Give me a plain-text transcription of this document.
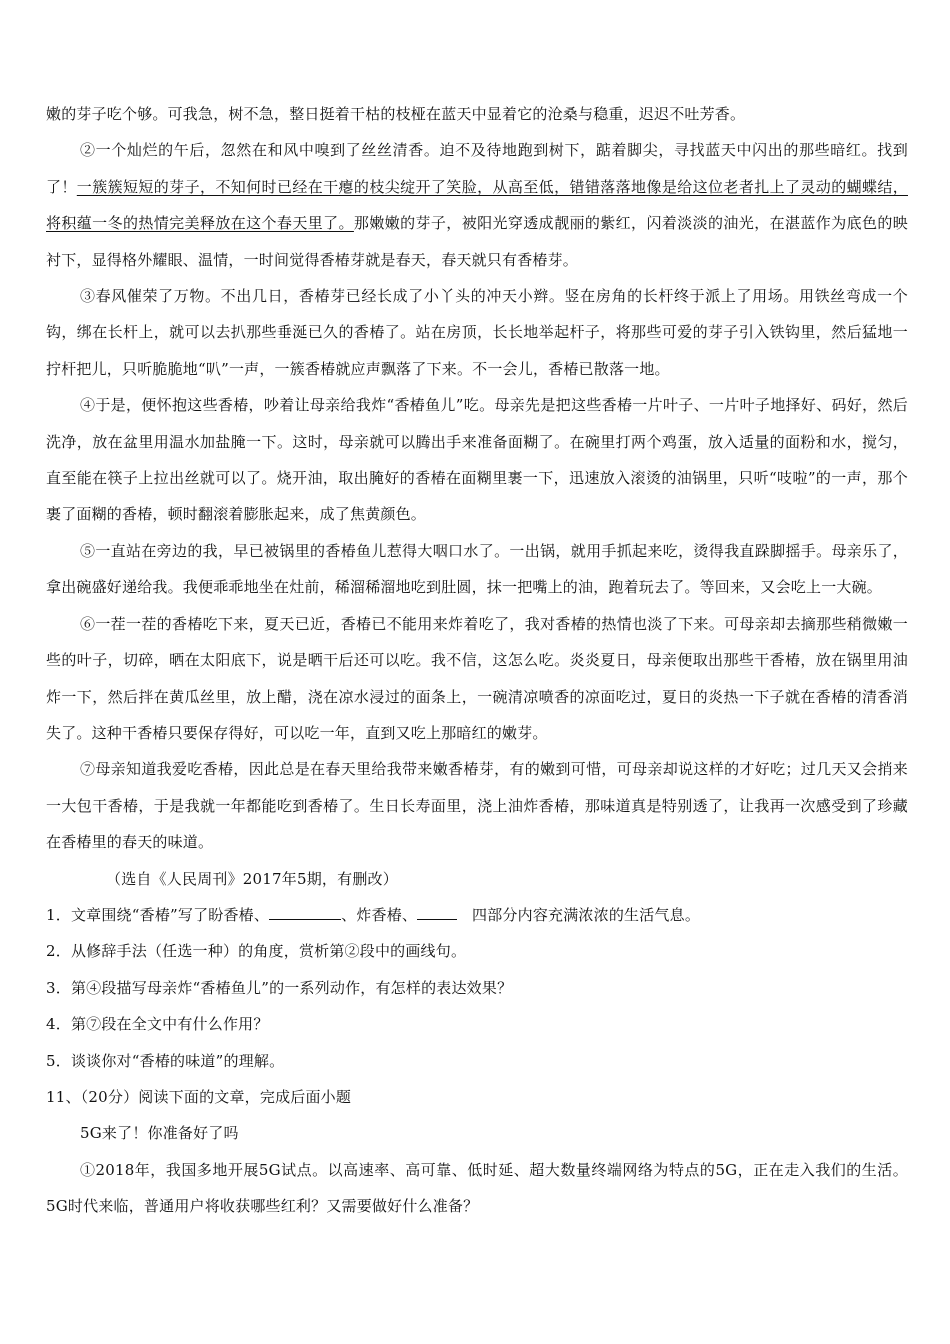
嫩的芽子吃个够。可我急，树不急，整日挺着干枯的枝桠在蓝天中显着它的沧桑与稳重，迟迟不吐芳香。

②一个灿烂的午后，忽然在和风中嗅到了丝丝清香。迫不及待地跑到树下，踮着脚尖，寻找蓝天中闪出的那些暗红。找到了！一簇簇短短的芽子，不知何时已经在干瘪的枝尖绽开了笑脸，从高至低，错错落落地像是给这位老者扎上了灵动的蝴蝶结，将积蕴一冬的热情完美释放在这个春天里了。那嫩嫩的芽子，被阳光穿透成靓丽的紫红，闪着淡淡的油光，在湛蓝作为底色的映衬下，显得格外耀眼、温情，一时间觉得香椿芽就是春天，春天就只有香椿芽。

③春风催荣了万物。不出几日，香椿芽已经长成了小丫头的冲天小辫。竖在房角的长杆终于派上了用场。用铁丝弯成一个钩，绑在长杆上，就可以去扒那些垂涎已久的香椿了。站在房顶，长长地举起杆子，将那些可爱的芽子引入铁钩里，然后猛地一拧杆把儿，只听脆脆地“叭”一声，一簇香椿就应声飘落了下来。不一会儿，香椿已散落一地。

④于是，便怀抱这些香椿，吵着让母亲给我炸“香椿鱼儿”吃。母亲先是把这些香椿一片叶子、一片叶子地择好、码好，然后洗净，放在盆里用温水加盐腌一下。这时，母亲就可以腾出手来准备面糊了。在碗里打两个鸡蛋，放入适量的面粉和水，搅匀，直至能在筷子上拉出丝就可以了。烧开油，取出腌好的香椿在面糊里裹一下，迅速放入滚烫的油锅里，只听“吱啦”的一声，那个裹了面糊的香椿，顿时翻滚着膨胀起来，成了焦黄颜色。

⑤一直站在旁边的我，早已被锅里的香椿鱼儿惹得大咽口水了。一出锅，就用手抓起来吃，烫得我直跺脚摇手。母亲乐了，拿出碗盛好递给我。我便乖乖地坐在灶前，稀溜稀溜地吃到肚圆，抹一把嘴上的油，跑着玩去了。等回来，又会吃上一大碗。

⑥一茬一茬的香椿吃下来，夏天已近，香椿已不能用来炸着吃了，我对香椿的热情也淡了下来。可母亲却去摘那些稍微嫩一些的叶子，切碎，晒在太阳底下，说是晒干后还可以吃。我不信，这怎么吃。炎炎夏日，母亲便取出那些干香椿，放在锅里用油炸一下，然后拌在黄瓜丝里，放上醋，浇在凉水浸过的面条上，一碗清凉喷香的凉面吃过，夏日的炎热一下子就在香椿的清香消失了。这种干香椿只要保存得好，可以吃一年，直到又吃上那暗红的嫩芽。

⑦母亲知道我爱吃香椿，因此总是在春天里给我带来嫩香椿芽，有的嫩到可惜，可母亲却说这样的才好吃；过几天又会捎来一大包干香椿，于是我就一年都能吃到香椿了。生日长寿面里，浇上油炸香椿，那味道真是特别透了，让我再一次感受到了珍藏在香椿里的春天的味道。

（选自《人民周刊》2017年5期，有删改）

1．文章围绕“香椿”写了盼香椿、	、炸香椿、	四部分内容充满浓浓的生活气息。

2．从修辞手法（任选一种）的角度，赏析第②段中的画线句。

3．第④段描写母亲炸“香椿鱼儿”的一系列动作，有怎样的表达效果？

4．第⑦段在全文中有什么作用？

5．谈谈你对“香椿的味道”的理解。

11、（20分）阅读下面的文章，完成后面小题

5G来了！你准备好了吗

①2018年，我国多地开展5G试点。以高速率、高可靠、低时延、超大数量终端网络为特点的5G，正在走入我们的生活。5G时代来临，普通用户将收获哪些红利？又需要做好什么准备？
